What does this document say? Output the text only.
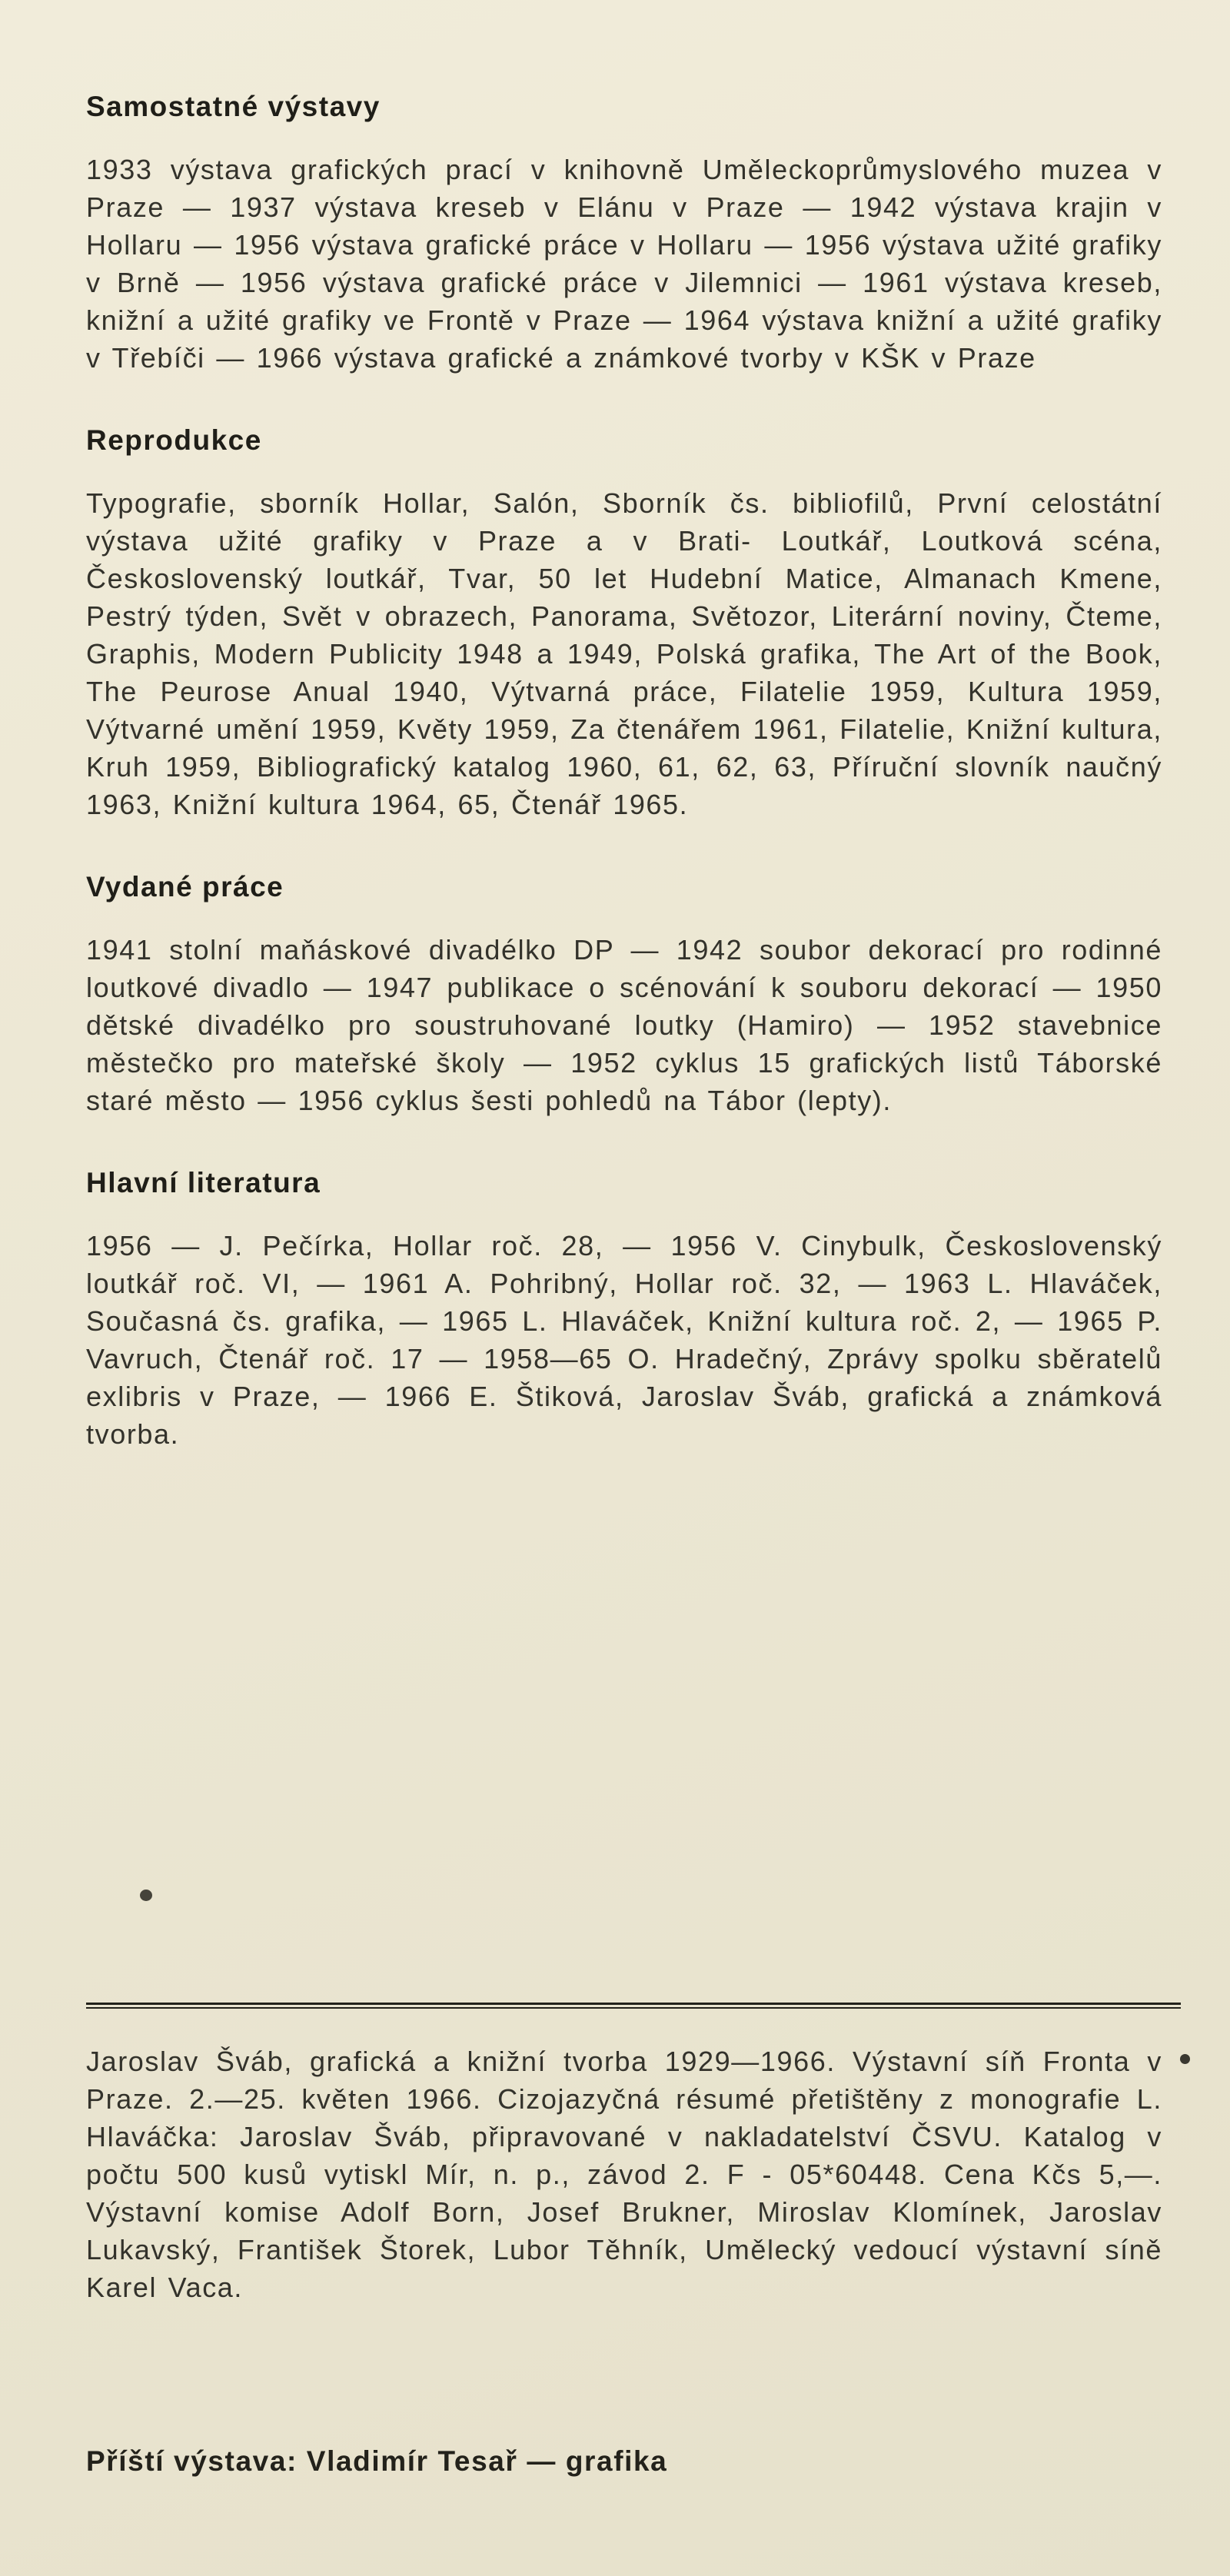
Samostatné výstavy

1933 výstava grafických prací v knihovně Uměleckoprůmyslového muzea v Praze — 1937 výstava kreseb v Elánu v Praze — 1942 výstava krajin v Hollaru — 1956 výstava grafické práce v Hollaru — 1956 výstava užité grafiky v Brně — 1956 výstava grafické práce v Jilemnici — 1961 výstava kreseb, knižní a užité grafiky ve Frontě v Praze — 1964 výstava knižní a užité grafiky v Třebíči — 1966 výstava grafické a známkové tvorby v KŠK v Praze

Reprodukce

Typografie, sborník Hollar, Salón, Sborník čs. bibliofilů, První celostátní výstava užité grafiky v Praze a v Brati- Loutkář, Loutková scéna, Československý loutkář, Tvar, 50 let Hudební Matice, Almanach Kmene, Pestrý týden, Svět v obrazech, Panorama, Světozor, Literární noviny, Čteme, Graphis, Modern Publicity 1948 a 1949, Polská grafika, The Art of the Book, The Peurose Anual 1940, Výtvarná práce, Filatelie 1959, Kultura 1959, Výtvarné umění 1959, Květy 1959, Za čtenářem 1961, Filatelie, Knižní kultura, Kruh 1959, Bibliografický katalog 1960, 61, 62, 63, Příruční slovník naučný 1963, Knižní kultura 1964, 65, Čtenář 1965.

Vydané práce

1941 stolní maňáskové divadélko DP — 1942 soubor dekorací pro rodinné loutkové divadlo — 1947 publikace o scénování k souboru dekorací — 1950 dětské divadélko pro soustruhované loutky (Hamiro) — 1952 stavebnice městečko pro mateřské školy — 1952 cyklus 15 grafických listů Táborské staré město — 1956 cyklus šesti pohledů na Tábor (lepty).

Hlavní literatura

1956 — J. Pečírka, Hollar roč. 28, — 1956 V. Cinybulk, Československý loutkář roč. VI, — 1961 A. Pohribný, Hollar roč. 32, — 1963 L. Hlaváček, Současná čs. grafika, — 1965 L. Hlaváček, Knižní kultura roč. 2, — 1965 P. Vavruch, Čtenář roč. 17 — 1958—65 O. Hradečný, Zprávy spolku sběratelů exlibris v Praze, — 1966 E. Štiková, Jaroslav Šváb, grafická a známková tvorba.

Jaroslav Šváb, grafická a knižní tvorba 1929—1966. Výstavní síň Fronta v Praze. 2.—25. květen 1966. Cizojazyčná résumé přetištěny z monografie L. Hlaváčka: Jaroslav Šváb, připravované v nakladatelství ČSVU. Katalog v počtu 500 kusů vytiskl Mír, n. p., závod 2. F - 05*60448. Cena Kčs 5,—. Výstavní komise Adolf Born, Josef Brukner, Miroslav Klomínek, Jaroslav Lukavský, František Štorek, Lubor Těhník, Umělecký vedoucí výstavní síně Karel Vaca.

Příští výstava: Vladimír Tesař — grafika
